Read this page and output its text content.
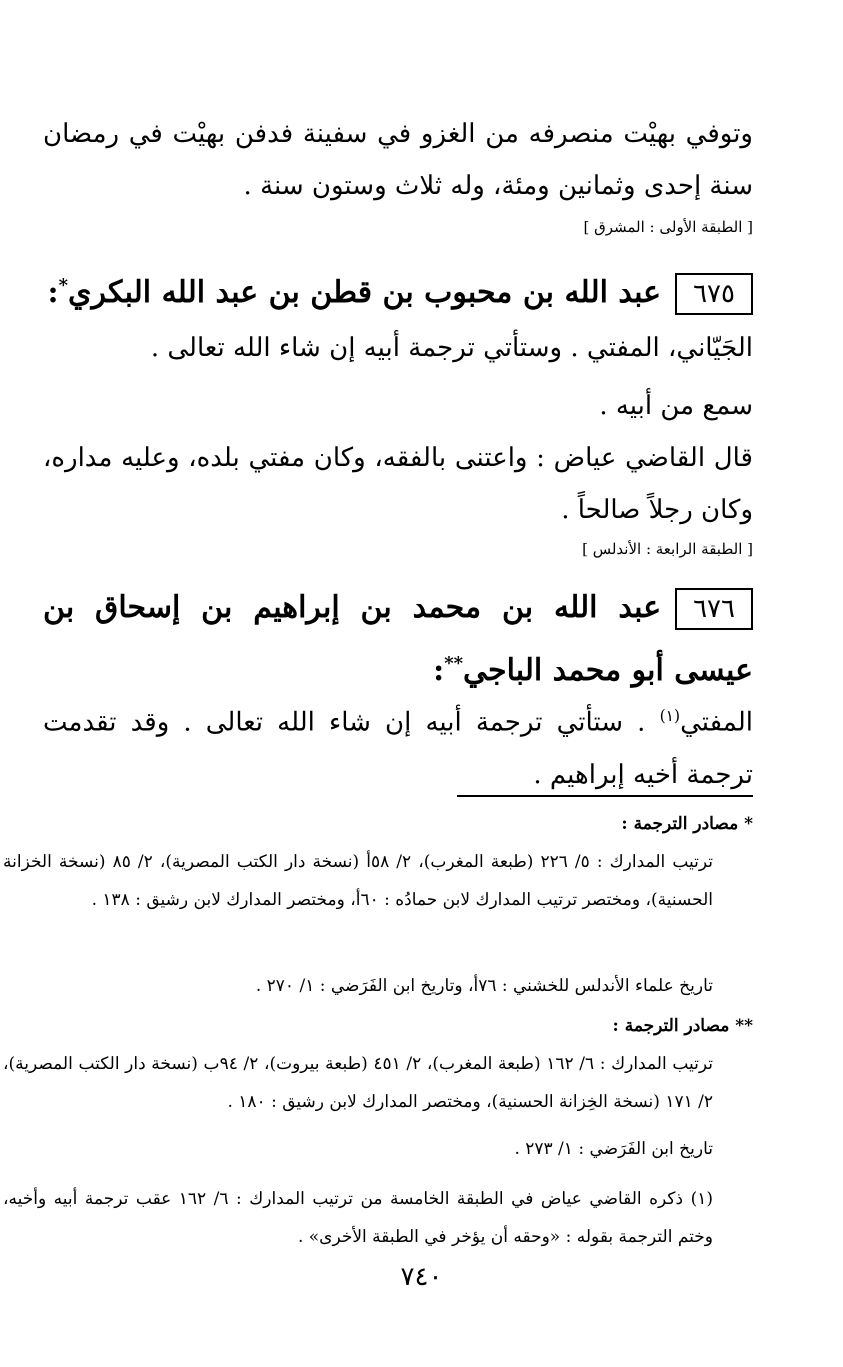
وتوفي بهيْت منصرفه من الغزو في سفينة فدفن بهيْت في رمضان سنة إحدى وثمانين ومئة، وله ثلاث وستون سنة .
[ الطبقة الأولى : المشرق ]
٦٧٥عبد الله بن محبوب بن قطن بن عبد الله البكري*:
الجَيّاني، المفتي . وستأتي ترجمة أبيه إن شاء الله تعالى .
سمع من أبيه .
قال القاضي عياض : واعتنى بالفقه، وكان مفتي بلده، وعليه مداره، وكان رجلاً صالحاً .
[ الطبقة الرابعة : الأندلس ]
٦٧٦عبد الله بن محمد بن إبراهيم بن إسحاق بن عيسى أبو محمد الباجي**:
المفتي$^{(١)}$ . ستأتي ترجمة أبيه إن شاء الله تعالى . وقد تقدمت ترجمة أخيه إبراهيم .
* مصادر الترجمة :
ترتيب المدارك : ٥/ ٢٢٦ (طبعة المغرب)، ٢/ ٥٨أ (نسخة دار الكتب المصرية)، ٢/ ٨٥ (نسخة الخزانة الحسنية)، ومختصر ترتيب المدارك لابن حمادُه : ٦٠أ، ومختصر المدارك لابن رشيق : ١٣٨ .
تاريخ علماء الأندلس للخشني : ٧٦أ، وتاريخ ابن الفَرَضي : ١/ ٢٧٠ .
** مصادر الترجمة :
ترتيب المدارك : ٦/ ١٦٢ (طبعة المغرب)، ٢/ ٤٥١ (طبعة بيروت)، ٢/ ٩٤ب (نسخة دار الكتب المصرية)، ٢/ ١٧١ (نسخة الخِزانة الحسنية)، ومختصر المدارك لابن رشيق : ١٨٠ .
تاريخ ابن الفَرَضي : ١/ ٢٧٣ .
(١) ذكره القاضي عياض في الطبقة الخامسة من ترتيب المدارك : ٦/ ١٦٢ عقب ترجمة أبيه وأخيه، وختم الترجمة بقوله : «وحقه أن يؤخر في الطبقة الأخرى» .
٧٤٠
